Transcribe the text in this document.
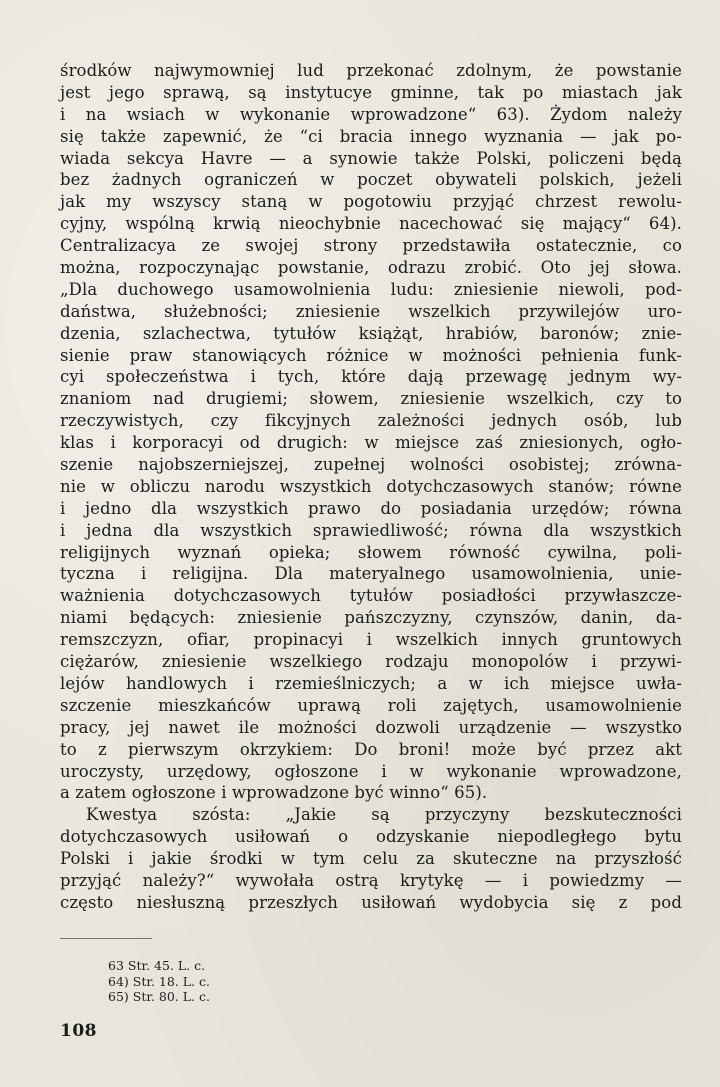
środków najwymowniej lud przekonać zdolnym, że powstanie
jest jego sprawą, są instytucye gminne, tak po miastach jak
i na wsiach w wykonanie wprowadzone“ 63). Żydom należy
się także zapewnić, że “ci bracia innego wyznania — jak po-
wiada sekcya Havre — a synowie także Polski, policzeni będą
bez żadnych ograniczeń w poczet obywateli polskich, jeżeli
jak my wszyscy staną w pogotowiu przyjąć chrzest rewolu-
cyjny, wspólną krwią nieochybnie nacechować się mający“ 64).
Centralizacya ze swojej strony przedstawiła ostatecznie, co
można, rozpoczynając powstanie, odrazu zrobić. Oto jej słowa.
„Dla duchowego usamowolnienia ludu: zniesienie niewoli, pod-
daństwa, służebności; zniesienie wszelkich przywilejów uro-
dzenia, szlachectwa, tytułów książąt, hrabiów, baronów; znie-
sienie praw stanowiących różnice w możności pełnienia funk-
cyi społeczeństwa i tych, które dają przewagę jednym wy-
znaniom nad drugiemi; słowem, zniesienie wszelkich, czy to
rzeczywistych, czy fikcyjnych zależności jednych osób, lub
klas i korporacyi od drugich: w miejsce zaś zniesionych, ogło-
szenie najobszerniejszej, zupełnej wolności osobistej; zrówna-
nie w obliczu narodu wszystkich dotychczasowych stanów; równe
i jedno dla wszystkich prawo do posiadania urzędów; równa
i jedna dla wszystkich sprawiedliwość; równa dla wszystkich
religijnych wyznań opieka; słowem równość cywilna, poli-
tyczna i religijna. Dla materyalnego usamowolnienia, unie-
ważnienia dotychczasowych tytułów posiadłości przywłaszcze-
niami będących: zniesienie pańszczyzny, czynszów, danin, da-
remszczyzn, ofiar, propinacyi i wszelkich innych gruntowych
ciężarów, zniesienie wszelkiego rodzaju monopolów i przywi-
lejów handlowych i rzemieślniczych; a w ich miejsce uwła-
szczenie mieszkańców uprawą roli zajętych, usamowolnienie
pracy, jej nawet ile możności dozwoli urządzenie — wszystko
to z pierwszym okrzykiem: Do broni! może być przez akt
uroczysty, urzędowy, ogłoszone i w wykonanie wprowadzone,
a zatem ogłoszone i wprowadzone być winno“ 65).
Kwestya szósta: „Jakie są przyczyny bezskuteczności
dotychczasowych usiłowań o odzyskanie niepodległego bytu
Polski i jakie środki w tym celu za skuteczne na przyszłość
przyjąć należy?“ wywołała ostrą krytykę — i powiedzmy —
często niesłuszną przeszłych usiłowań wydobycia się z pod
63 Str. 45. L. c.
64) Str. 18. L. c.
65) Str. 80. L. c.
108
